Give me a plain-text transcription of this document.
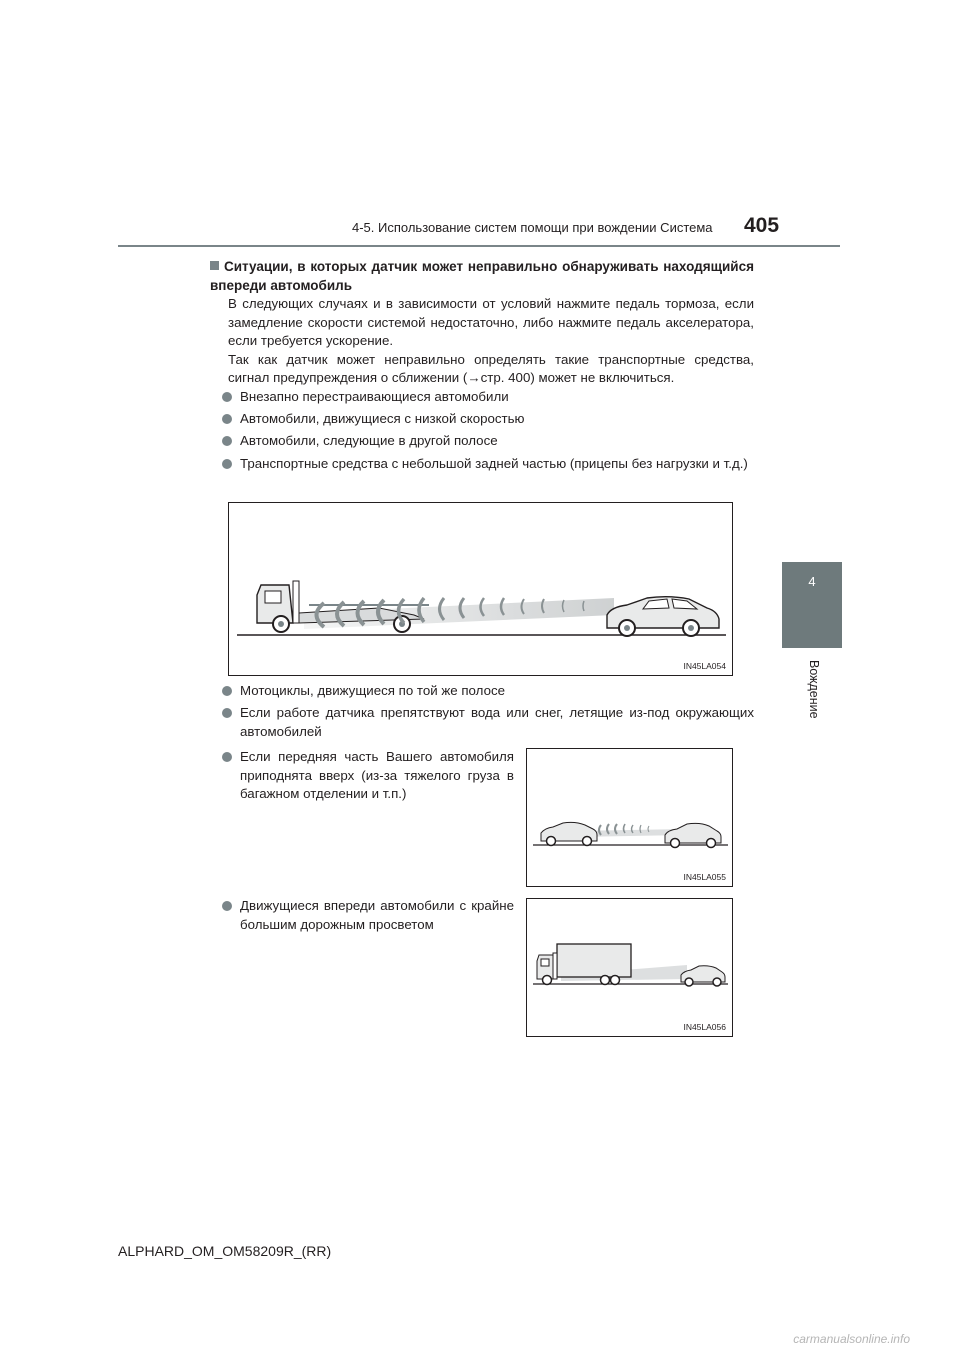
4-5. Использование систем помощи при вождении Система 405
4
Вождение
Ситуации, в которых датчик может неправильно обнаруживать находящийся впереди автомобиль
В следующих случаях и в зависимости от условий нажмите педаль тормоза, если замедление скорости системой недостаточно, либо нажмите педаль акселератора, если требуется ускорение.
Так как датчик может неправильно определять такие транспортные средства, сигнал предупреждения о сближении (→стр. 400) может не включиться.
Внезапно перестраивающиеся автомобили
Автомобили, движущиеся с низкой скоростью
Автомобили, следующие в другой полосе
Транспортные средства с небольшой задней частью (прицепы без нагрузки и т.д.)
IN45LA054
Мотоциклы, движущиеся по той же полосе
Если работе датчика препятствуют вода или снег, летящие из-под окружающих автомобилей
Если передняя часть Вашего автомобиля приподнята вверх (из-за тяжелого груза в багажном отделении и т.п.)
IN45LA055
Движущиеся впереди автомобили с крайне большим дорожным просветом
IN45LA056
ALPHARD_OM_OM58209R_(RR)
carmanualsonline.info
